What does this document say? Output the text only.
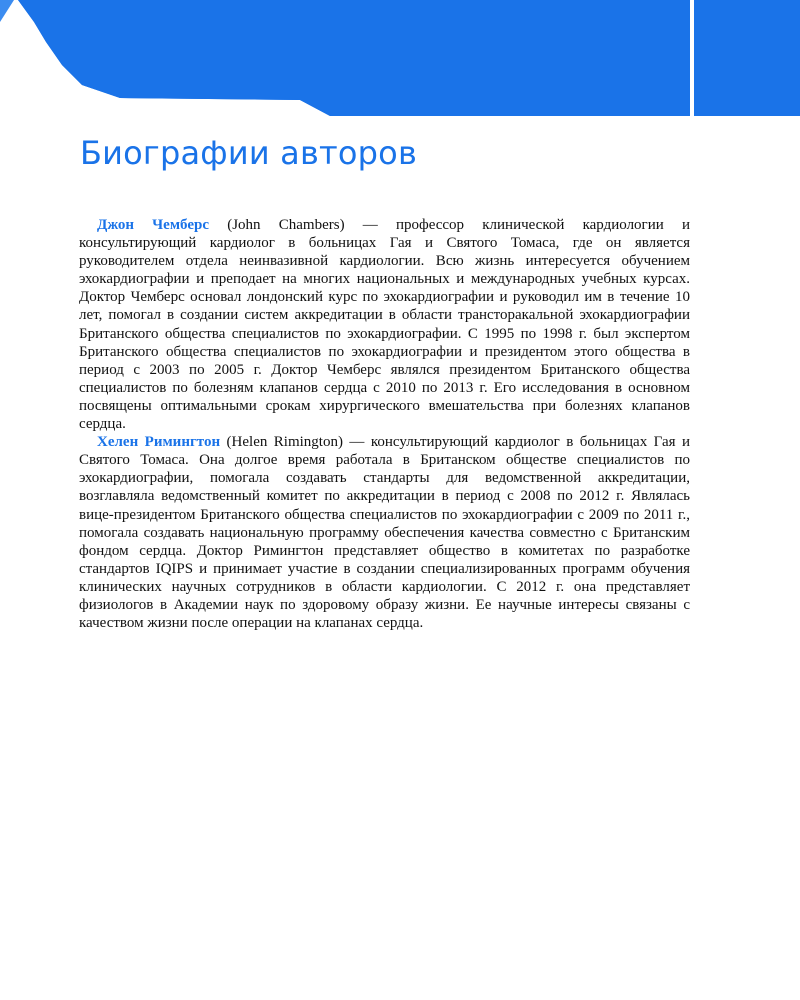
Биографии авторов

Джон Чемберс (John Chambers) — профессор клинической кардиологии и консультирующий кардиолог в больницах Гая и Святого Томаса, где он является руководителем отдела неинвазивной кардиологии. Всю жизнь интересуется обучением эхокардиографии и преподает на многих национальных и международных учебных курсах. Доктор Чемберс основал лондонский курс по эхокардиографии и руководил им в течение 10 лет, помогал в создании систем аккредитации в области трансторакальной эхокардиографии Британского общества специалистов по эхокардиографии. С 1995 по 1998 г. был экспертом Британского общества специалистов по эхокардиографии и президентом этого общества в период с 2003 по 2005 г. Доктор Чемберс являлся президентом Британского общества специалистов по болезням клапанов сердца с 2010 по 2013 г. Его исследования в основном посвящены оптимальными срокам хирургического вмешательства при болезнях клапанов сердца.

Хелен Римингтон (Helen Rimington) — консультирующий кардиолог в больницах Гая и Святого Томаса. Она долгое время работала в Британском обществе специалистов по эхокардиографии, помогала создавать стандарты для ведомственной аккредитации, возглавляла ведомственный комитет по аккредитации в период с 2008 по 2012 г. Являлась вице-президентом Британского общества специалистов по эхокардиографии с 2009 по 2011 г., помогала создавать национальную программу обеспечения качества совместно с Британским фондом сердца. Доктор Римингтон представляет общество в комитетах по разработке стандартов IQIPS и принимает участие в создании специализированных программ обучения клинических научных сотрудников в области кардиологии. С 2012 г. она представляет физиологов в Академии наук по здоровому образу жизни. Ее научные интересы связаны с качеством жизни после операции на клапанах сердца.
